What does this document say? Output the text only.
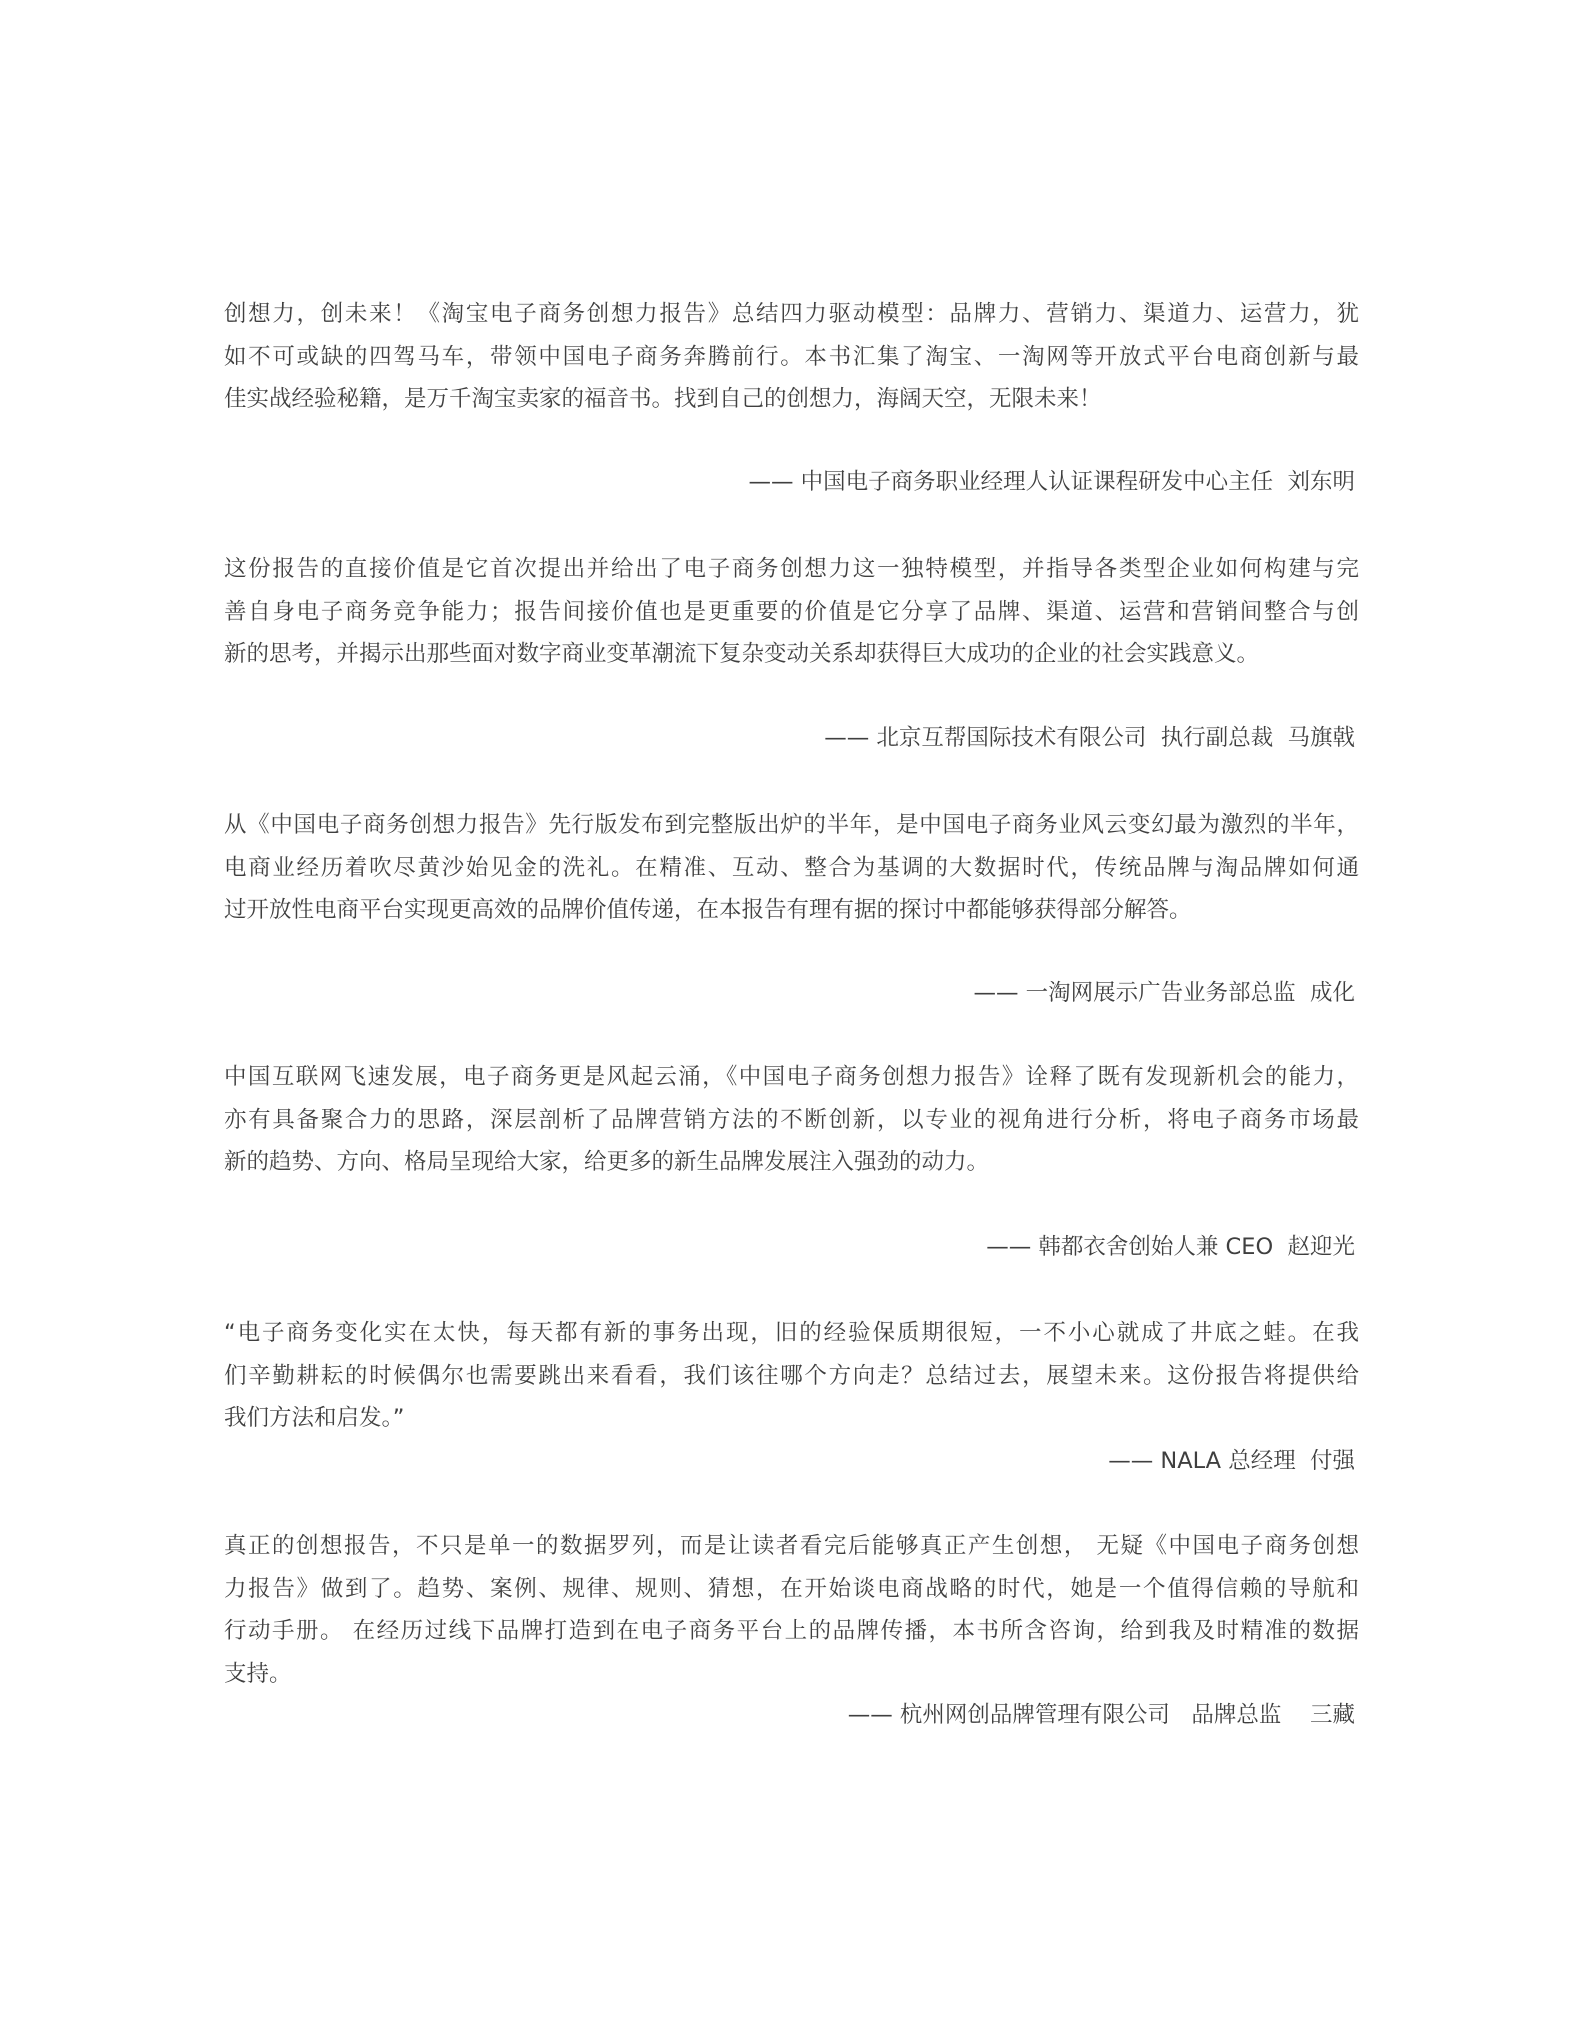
创想力，创未来！《淘宝电子商务创想力报告》总结四力驱动模型：品牌力、营销力、渠道力、运营力，犹
如不可或缺的四驾马车，带领中国电子商务奔腾前行。本书汇集了淘宝、一淘网等开放式平台电商创新与最
佳实战经验秘籍，是万千淘宝卖家的福音书。找到自己的创想力，海阔天空，无限未来！
—— 中国电子商务职业经理人认证课程研发中心主任  刘东明
这份报告的直接价值是它首次提出并给出了电子商务创想力这一独特模型，并指导各类型企业如何构建与完
善自身电子商务竞争能力；报告间接价值也是更重要的价值是它分享了品牌、渠道、运营和营销间整合与创
新的思考，并揭示出那些面对数字商业变革潮流下复杂变动关系却获得巨大成功的企业的社会实践意义。
—— 北京互帮国际技术有限公司  执行副总裁  马旗戟
从《中国电子商务创想力报告》先行版发布到完整版出炉的半年，是中国电子商务业风云变幻最为激烈的半年，
电商业经历着吹尽黄沙始见金的洗礼。在精准、互动、整合为基调的大数据时代，传统品牌与淘品牌如何通
过开放性电商平台实现更高效的品牌价值传递，在本报告有理有据的探讨中都能够获得部分解答。
—— 一淘网展示广告业务部总监  成化
中国互联网飞速发展，电子商务更是风起云涌，《中国电子商务创想力报告》诠释了既有发现新机会的能力，
亦有具备聚合力的思路，深层剖析了品牌营销方法的不断创新，以专业的视角进行分析，将电子商务市场最
新的趋势、方向、格局呈现给大家，给更多的新生品牌发展注入强劲的动力。
—— 韩都衣舍创始人兼 CEO  赵迎光
“电子商务变化实在太快，每天都有新的事务出现，旧的经验保质期很短，一不小心就成了井底之蛙。在我
们辛勤耕耘的时候偶尔也需要跳出来看看，我们该往哪个方向走？总结过去，展望未来。这份报告将提供给
我们方法和启发。”
—— NALA 总经理  付强
真正的创想报告，不只是单一的数据罗列，而是让读者看完后能够真正产生创想， 无疑《中国电子商务创想
力报告》做到了。趋势、案例、规律、规则、猜想，在开始谈电商战略的时代，她是一个值得信赖的导航和
行动手册。 在经历过线下品牌打造到在电子商务平台上的品牌传播，本书所含咨询，给到我及时精准的数据
支持。
—— 杭州网创品牌管理有限公司   品牌总监    三藏
